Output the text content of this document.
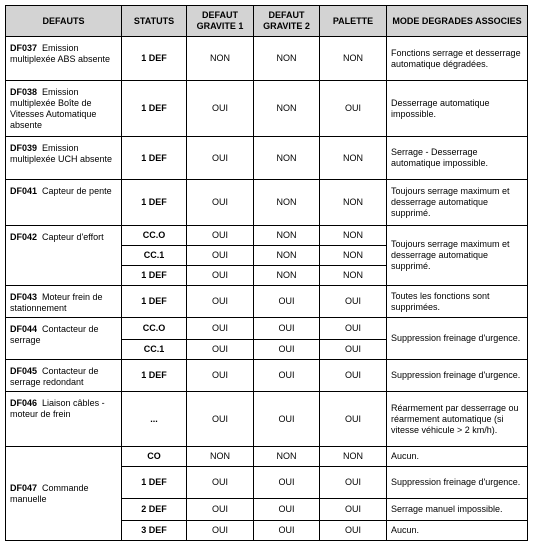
DEFAUTS	STATUTS	DEFAUT GRAVITE 1	DEFAUT GRAVITE 2	PALETTE	MODE DEGRADES ASSOCIES
DF037 Emission multiplexée ABS absente	1 DEF	NON	NON	NON	Fonctions serrage et desserrage automatique dégradées.
DF038 Emission multiplexée Boîte de Vitesses Automatique absente	1 DEF	OUI	NON	OUI	Desserrage automatique impossible.
DF039 Emission multiplexée UCH absente	1 DEF	OUI	NON	NON	Serrage - Desserrage automatique impossible.
DF041 Capteur de pente	1 DEF	OUI	NON	NON	Toujours serrage maximum et desserrage automatique supprimé.
DF042 Capteur d'effort	CC.O	OUI	NON	NON	Toujours serrage maximum et desserrage automatique supprimé.
	CC.1	OUI	NON	NON	
	1 DEF	OUI	NON	NON	
DF043 Moteur frein de stationnement	1 DEF	OUI	OUI	OUI	Toutes les fonctions sont supprimées.
DF044 Contacteur de serrage	CC.O	OUI	OUI	OUI	Suppression freinage d'urgence.
	CC.1	OUI	OUI	OUI	
DF045 Contacteur de serrage redondant	1 DEF	OUI	OUI	OUI	Suppression freinage d'urgence.
DF046 Liaison câbles - moteur de frein	...	OUI	OUI	OUI	Réarmement par desserrage ou réarmement automatique (si vitesse véhicule > 2 km/h).
DF047 Commande manuelle	CO	NON	NON	NON	Aucun.
	1 DEF	OUI	OUI	OUI	Suppression freinage d'urgence.
	2 DEF	OUI	OUI	OUI	Serrage manuel impossible.
	3 DEF	OUI	OUI	OUI	Aucun.
